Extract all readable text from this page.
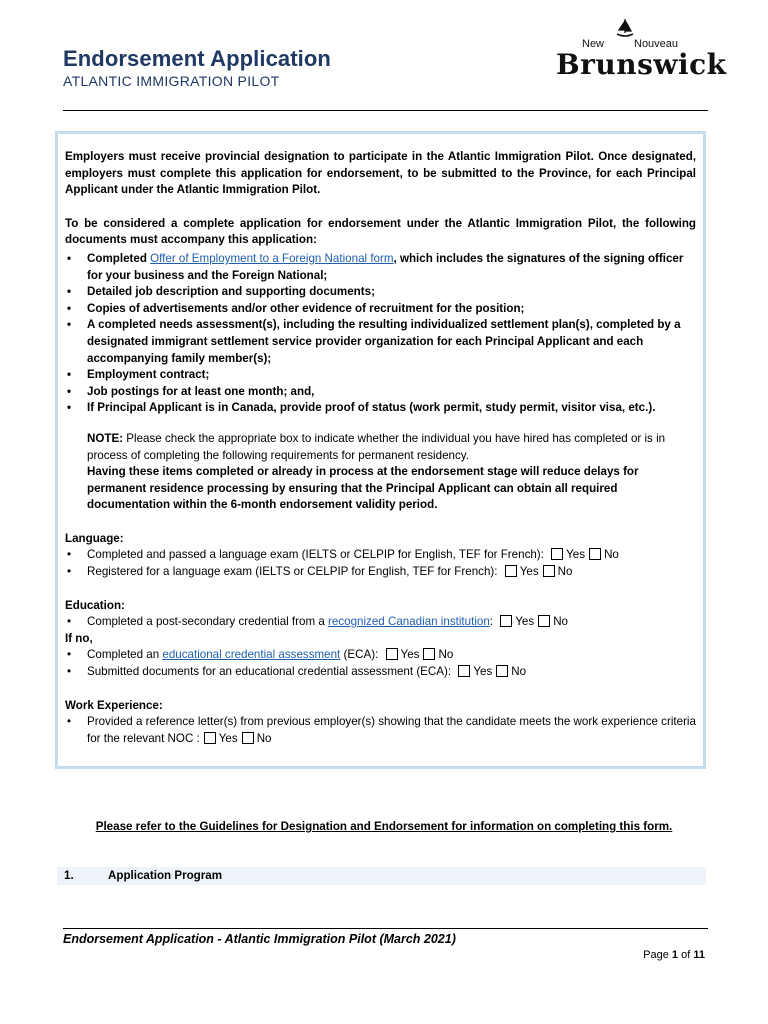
Endorsement Application
ATLANTIC IMMIGRATION PILOT
New	Nouveau
Brunswick

Employers must receive provincial designation to participate in the Atlantic Immigration Pilot. Once designated, employers must complete this application for endorsement, to be submitted to the Province, for each Principal Applicant under the Atlantic Immigration Pilot.

To be considered a complete application for endorsement under the Atlantic Immigration Pilot, the following documents must accompany this application:

• Completed Offer of Employment to a Foreign National form, which includes the signatures of the signing officer for your business and the Foreign National;
• Detailed job description and supporting documents;
• Copies of advertisements and/or other evidence of recruitment for the position;
• A completed needs assessment(s), including the resulting individualized settlement plan(s), completed by a designated immigrant settlement service provider organization for each Principal Applicant and each accompanying family member(s);
• Employment contract;
• Job postings for at least one month; and,
• If Principal Applicant is in Canada, provide proof of status (work permit, study permit, visitor visa, etc.).
NOTE: Please check the appropriate box to indicate whether the individual you have hired has completed or is in process of completing the following requirements for permanent residency.
Having these items completed or already in process at the endorsement stage will reduce delays for permanent residence processing by ensuring that the Principal Applicant can obtain all required documentation within the 6-month endorsement validity period.
Language:
• Completed and passed a language exam (IELTS or CELPIP for English, TEF for French): Yes No
• Registered for a language exam (IELTS or CELPIP for English, TEF for French): Yes No
Education:
• Completed a post-secondary credential from a recognized Canadian institution: Yes No
If no,
• Completed an educational credential assessment (ECA): Yes No
• Submitted documents for an educational credential assessment (ECA): Yes No
Work Experience:
• Provided a reference letter(s) from previous employer(s) showing that the candidate meets the work experience criteria for the relevant NOC : Yes No
Please refer to the Guidelines for Designation and Endorsement for information on completing this form.
1.	Application Program
Endorsement Application - Atlantic Immigration Pilot (March 2021)
Page 1 of 11
